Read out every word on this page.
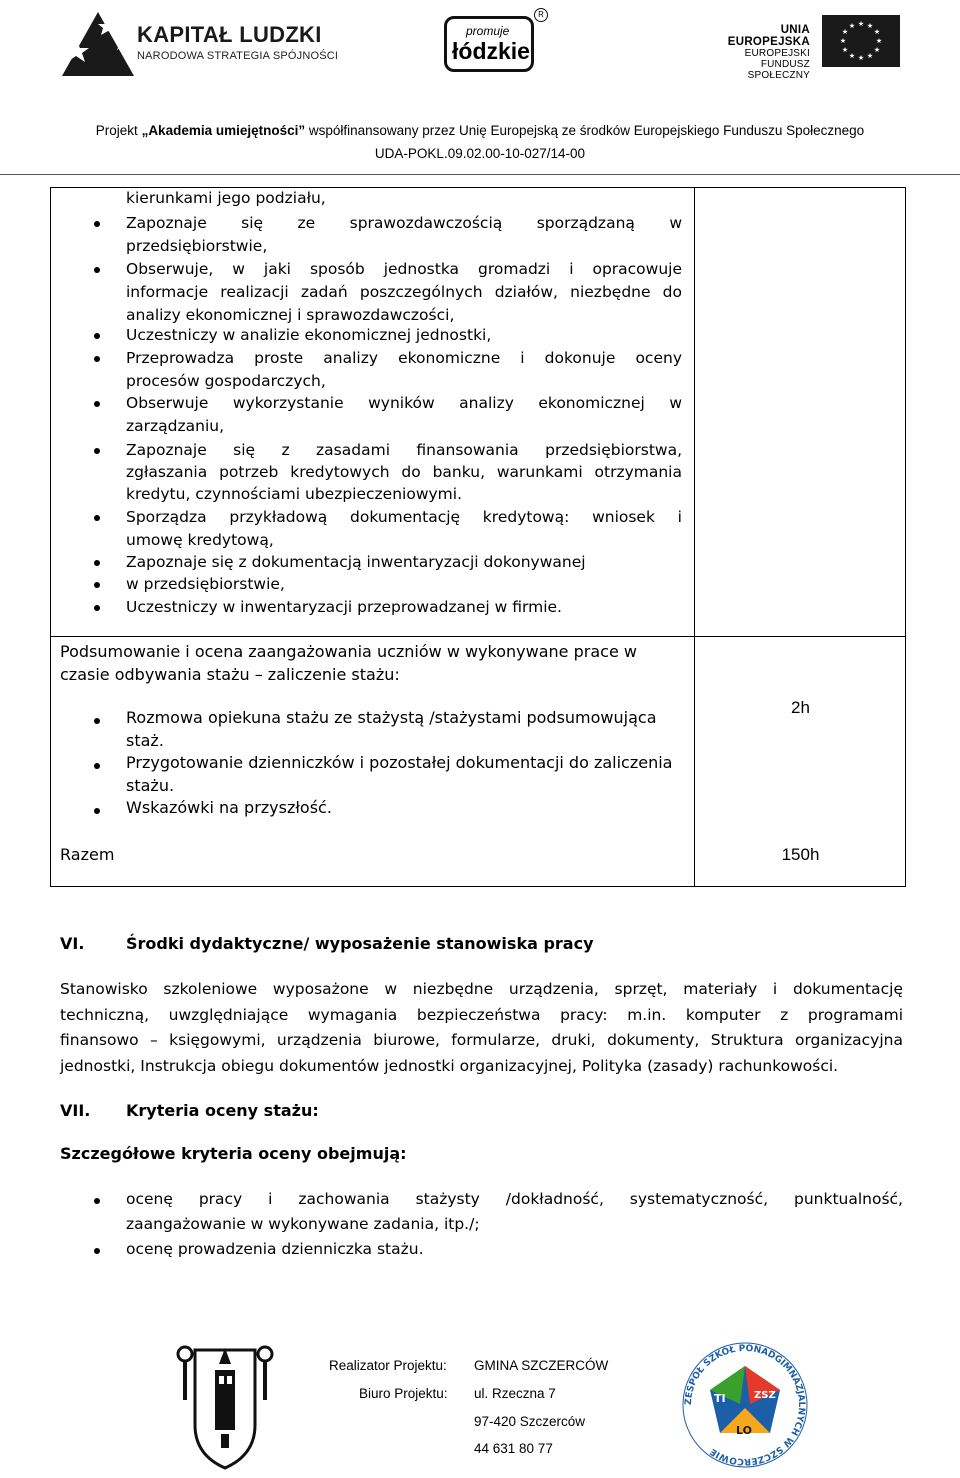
KAPITAŁ LUDZKI
NARODOWA STRATEGIA SPÓJNOŚCI
promuje
łódzkie
R
UNIA EUROPEJSKA
EUROPEJSKI
FUNDUSZ SPOŁECZNY
★ ★
★
★
★
★
★
★
★
★
★
★
Projekt „Akademia umiejętności” współfinansowany przez Unię Europejską ze środków Europejskiego Funduszu Społecznego
UDA-POKL.09.02.00-10-027/14-00
kierunkami jego podziału,
Zapoznaje się ze sprawozdawczością sporządzaną w
przedsiębiorstwie,
Obserwuje, w jaki sposób jednostka gromadzi i opracowuje
informacje realizacji zadań poszczególnych działów, niezbędne do
analizy ekonomicznej i sprawozdawczości,
Uczestniczy w analizie ekonomicznej jednostki,
Przeprowadza proste analizy ekonomiczne i dokonuje oceny
procesów gospodarczych,
Obserwuje wykorzystanie wyników analizy ekonomicznej w
zarządzaniu,
Zapoznaje się z zasadami finansowania przedsiębiorstwa,
zgłaszania potrzeb kredytowych do banku, warunkami otrzymania
kredytu, czynnościami ubezpieczeniowymi.
Sporządza przykładową dokumentację kredytową: wniosek i
umowę kredytową,
Zapoznaje się z dokumentacją inwentaryzacji dokonywanej
w przedsiębiorstwie,
Uczestniczy w inwentaryzacji przeprowadzanej w firmie.
Podsumowanie i ocena zaangażowania uczniów w wykonywane prace w
czasie odbywania stażu – zaliczenie stażu:
Rozmowa opiekuna stażu ze stażystą /stażystami podsumowująca
staż.
Przygotowanie dzienniczków i pozostałej dokumentacji do zaliczenia
stażu.
Wskazówki na przyszłość.
2h
Razem	150h
VI.	Środki dydaktyczne/ wyposażenie stanowiska pracy
Stanowisko szkoleniowe wyposażone w niezbędne urządzenia, sprzęt, materiały i dokumentację
techniczną, uwzględniające wymagania bezpieczeństwa pracy: m.in. komputer z programami
finansowo – księgowymi, urządzenia biurowe, formularze, druki, dokumenty, Struktura organizacyjna
jednostki, Instrukcja obiegu dokumentów jednostki organizacyjnej, Polityka (zasady) rachunkowości.
VII. Kryteria oceny stażu:
Szczegółowe kryteria oceny obejmują:
ocenę pracy i zachowania stażysty /dokładność, systematyczność, punktualność,
zaangażowanie w wykonywane zadania, itp./;
ocenę prowadzenia dzienniczka stażu.
Realizator Projektu: GMINA SZCZERCÓW
Biuro Projektu: ul. Rzeczna 7
97-420 Szczerców
44 631 80 77
ZESPÓŁ SZKÓŁ PONADGIMNAZJALNYCH W SZCZERCOWIE
TI	ZSZ
LO
